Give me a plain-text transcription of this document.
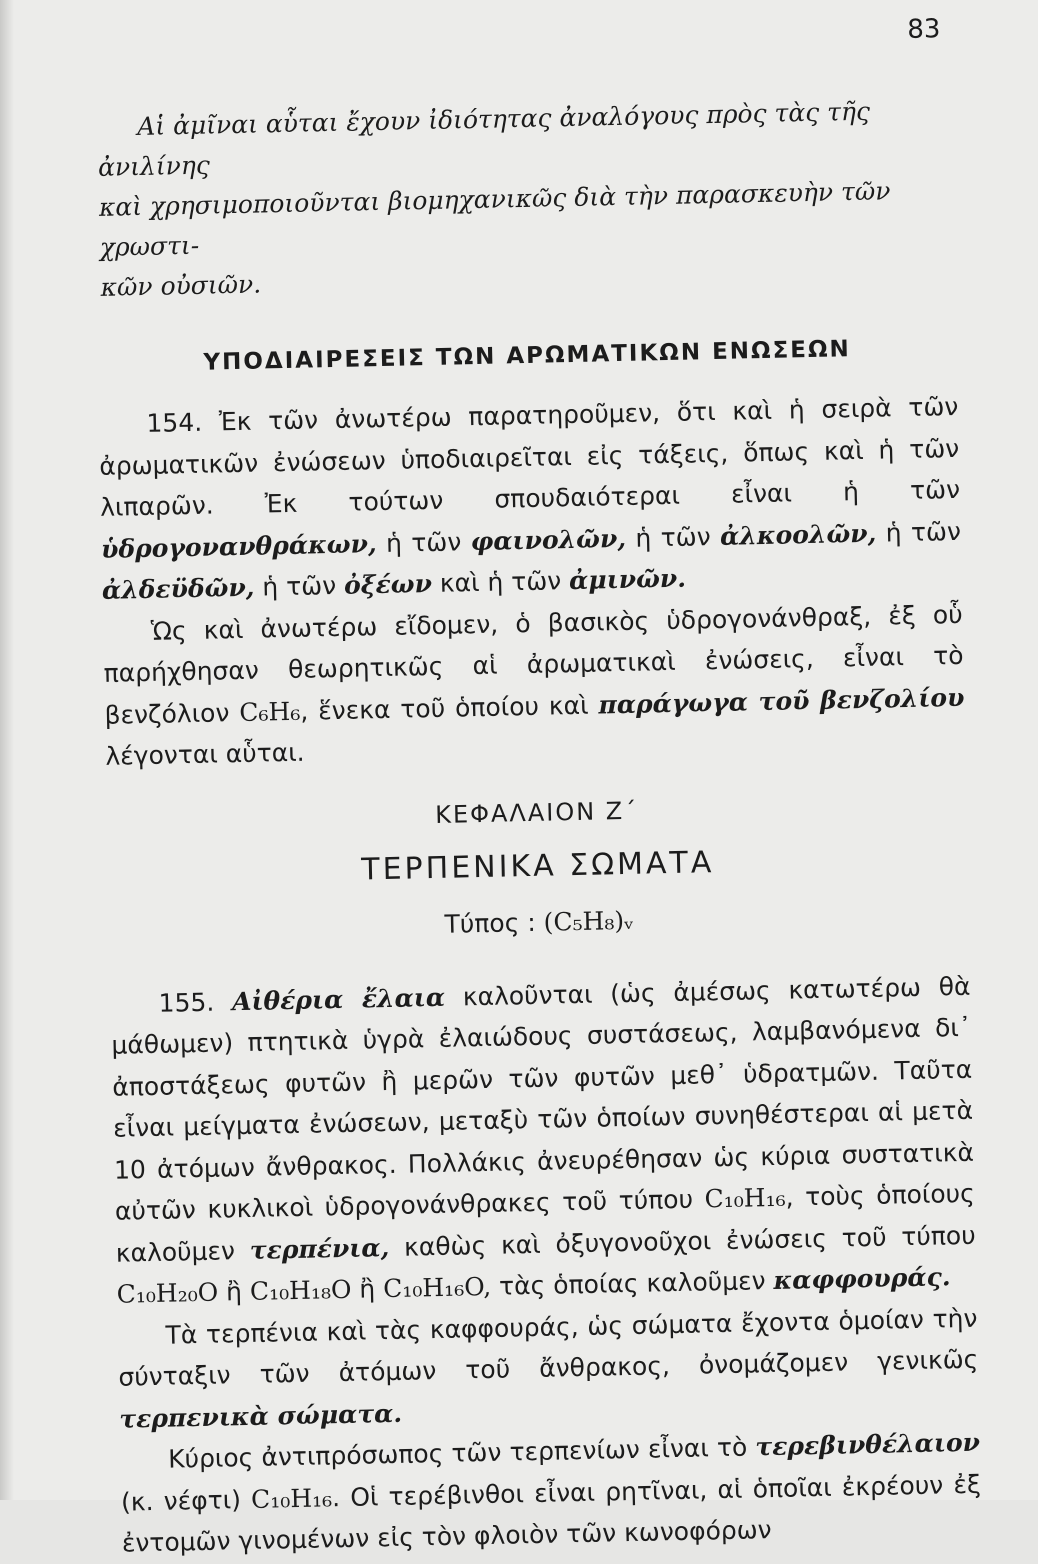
83

Αἱ ἀμῖναι αὗται ἔχουν ἰδιότητας ἀναλόγους πρὸς τὰς τῆς ἀνιλίνης

καὶ χρησιμοποιοῦνται βιομηχανικῶς διὰ τὴν παρασκευὴν τῶν χρωστι-

κῶν οὐσιῶν.

ΥΠΟΔΙΑΙΡΕΣΕΙΣ ΤΩΝ ΑΡΩΜΑΤΙΚΩΝ ΕΝΩΣΕΩΝ

154. Ἐκ τῶν ἀνωτέρω παρατηροῦμεν, ὅτι καὶ ἡ σειρὰ τῶν ἀρωματικῶν ἐνώσεων ὑποδιαιρεῖται εἰς τάξεις, ὅπως καὶ ἡ τῶν λιπαρῶν. Ἐκ τούτων σπουδαιότεραι εἶναι ἡ τῶν ὑδρογονανθράκων, ἡ τῶν φαινολῶν, ἡ τῶν ἀλκοολῶν, ἡ τῶν ἀλδεϋδῶν, ἡ τῶν ὀξέων καὶ ἡ τῶν ἀμινῶν.

Ὡς καὶ ἀνωτέρω εἴδομεν, ὁ βασικὸς ὑδρογονάνθραξ, ἐξ οὗ παρήχθησαν θεωρητικῶς αἱ ἀρωματικαὶ ἐνώσεις, εἶναι τὸ βενζόλιον C₆H₆, ἕνεκα τοῦ ὁποίου καὶ παράγωγα τοῦ βενζολίου λέγονται αὗται.

ΚΕΦΑΛΑΙΟΝ Ζ΄
ΤΕΡΠΕΝΙΚΑ ΣΩΜΑΤΑ
Τύπος : (C₅H₈)ᵥ

155. Αἰθέρια ἔλαια καλοῦνται (ὡς ἀμέσως κατωτέρω θὰ μάθωμεν) πτητικὰ ὑγρὰ ἐλαιώδους συστάσεως, λαμβανόμενα δι᾿ ἀποστάξεως φυτῶν ἢ μερῶν τῶν φυτῶν μεθ᾿ ὑδρατμῶν. Ταῦτα εἶναι μείγματα ἐνώσεων, μεταξὺ τῶν ὁποίων συνηθέστεραι αἱ μετὰ 10 ἀτόμων ἄνθρακος. Πολλάκις ἀνευρέθησαν ὡς κύρια συστατικὰ αὐτῶν κυκλικοὶ ὑδρογονάνθρακες τοῦ τύπου C₁₀H₁₆, τοὺς ὁποίους καλοῦμεν τερπένια, καθὼς καὶ ὀξυγονοῦχοι ἐνώσεις τοῦ τύπου C₁₀H₂₀O ἢ C₁₀H₁₈O ἢ C₁₀H₁₆O, τὰς ὁποίας καλοῦμεν καφφουράς.

Τὰ τερπένια καὶ τὰς καφφουράς, ὡς σώματα ἔχοντα ὁμοίαν τὴν σύνταξιν τῶν ἀτόμων τοῦ ἄνθρακος, ὀνομάζομεν γενικῶς τερπενικὰ σώματα.

Κύριος ἀντιπρόσωπος τῶν τερπενίων εἶναι τὸ τερεβινθέλαιον (κ. νέφτι) C₁₀H₁₆. Οἱ τερέβινθοι εἶναι ρητῖναι, αἱ ὁποῖαι ἐκρέουν ἐξ ἐντομῶν γινομένων εἰς τὸν φλοιὸν τῶν κωνοφόρων
